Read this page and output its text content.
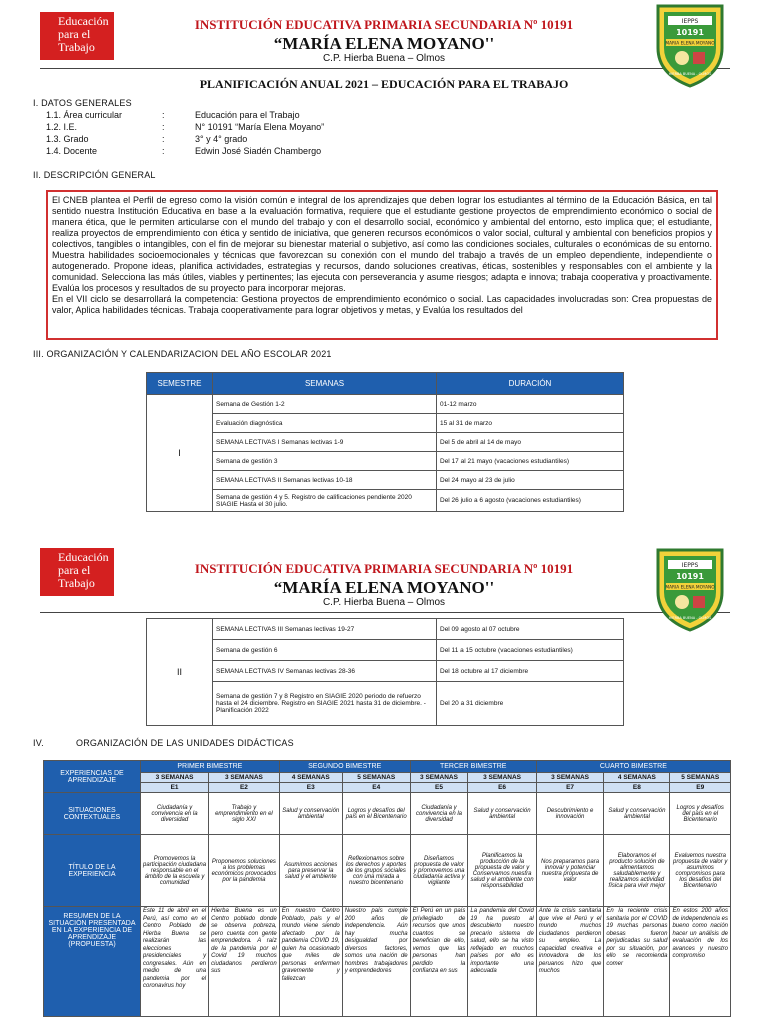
Educación
para el
Trabajo
INSTITUCIÓN EDUCATIVA PRIMARIA SECUNDARIA Nº 10191
“MARÍA ELENA MOYANO''
C.P. Hierba Buena – Olmos
IEPPS
10191
MARIA ELENA MOYANO
HIERBA BUENA - OLMOS
PLANIFICACIÓN ANUAL 2021 – EDUCACIÓN PARA EL TRABAJO
I. DATOS GENERALES
1.1. Área curricular	:	Educación para el Trabajo
1.2. I.E.	:	N° 10191 “María Elena Moyano”
1.3. Grado	:	3° y 4° grado
1.4. Docente	:	Edwin José Siadén Chambergo
II. DESCRIPCIÓN GENERAL

El CNEB plantea el Perfil de egreso como la visión común e integral de los aprendizajes que deben lograr los estudiantes al término de la Educación Básica, en tal sentido nuestra Institución Educativa en base a la evaluación formativa, requiere que el estudiante gestione proyectos de emprendimiento económico o social de manera ética, que le permiten articularse con el mundo del trabajo y con el desarrollo social, económico y ambiental del entorno, esto implica que; el estudiante, realiza proyectos de emprendimiento con ética y sentido de iniciativa, que generen recursos económicos o valor social, cultural y ambiental con beneficios propios y colectivos, tangibles o intangibles, con el fin de mejorar su bienestar material o subjetivo, así como las condiciones sociales, culturales o económicas de su entorno. Muestra habilidades socioemocionales y técnicas que favorezcan su conexión con el mundo del trabajo a través de un empleo dependiente, independiente o autogenerado. Propone ideas, planifica actividades, estrategias y recursos, dando soluciones creativas, éticas, sostenibles y responsables con el ambiente y la comunidad. Selecciona las más útiles, viables y pertinentes; las ejecuta con perseverancia y asume riesgos; adapta e innova; trabaja cooperativa y proactivamente. Evalúa los procesos y resultados de su proyecto para incorporar mejoras.

En el VII ciclo se desarrollará la competencia: Gestiona proyectos de emprendimiento económico o social. Las capacidades involucradas son: Crea propuestas de valor, Aplica habilidades técnicas. Trabaja cooperativamente para lograr objetivos y metas, y Evalúa los resultados del

III. ORGANIZACIÓN Y CALENDARIZACION DEL AÑO ESCOLAR 2021
SEMESTRE	SEMANAS	DURACIÓN
I	Semana de Gestión 1-2	01-12 marzo
	Evaluación diagnóstica	15 al 31 de marzo
	SEMANA LECTIVAS I Semanas lectivas 1-9	Del 5 de abril al 14 de mayo
	Semana de gestión 3	Del 17 al 21 mayo (vacaciones estudiantiles)
	SEMANA LECTIVAS II Semanas lectivas 10-18	Del 24 mayo al 23 de julio
	Semana de gestión 4 y 5. Registro de calificaciones pendiente 2020 SIAGIE Hasta el 30 julio.	Del 26 julio a 6 agosto (vacaciones estudiantiles)
Educación
para el
Trabajo
INSTITUCIÓN EDUCATIVA PRIMARIA SECUNDARIA Nº 10191
“MARÍA ELENA MOYANO''
C.P. Hierba Buena – Olmos
IEPPS
10191
MARIA ELENA MOYANO
HIERBA BUENA - OLMOS
II	SEMANA LECTIVAS III Semanas lectivas 19-27	Del 09 agosto al 07 octubre
	Semana de gestión 6	Del 11 a 15 octubre (vacaciones estudiantiles)
	SEMANA LECTIVAS IV Semanas lectivas 28-36	Del 18 octubre al 17 diciembre
	Semana de gestión 7 y 8 Registro en SIAGIE 2020 periodo de refuerzo hasta el 24 diciembre. Registro en SIAGIE 2021 hasta 31 de diciembre. -Planificación 2022	Del 20 a 31 diciembre
IV.	ORGANIZACIÓN DE LAS UNIDADES DIDÁCTICAS
EXPERIENCIAS DE APRENDIZAJE	PRIMER BIMESTRE		SEGUNDO BIMESTRE		TERCER BIMESTRE		CUARTO BIMESTRE		
	3 SEMANAS	3 SEMANAS	4 SEMANAS	5 SEMANAS	3 SEMANAS	3 SEMANAS	3 SEMANAS	4 SEMANAS	5 SEMANAS
	E1	E2	E3	E4	E5	E6	E7	E8	E9
SITUACIONES CONTEXTUALES	Ciudadanía y convivencia en la diversidad	Trabajo y emprendimiento en el siglo XXI	Salud y conservación ambiental	Logros y desafíos del país en el Bicentenario	Ciudadanía y convivencia en la diversidad	Salud y conservación ambiental	Descubrimiento e innovación	Salud y conservación ambiental	Logros y desafíos del país en el Bicentenario
TÍTULO DE LA EXPERIENCIA	Promovemos la participación ciudadana responsable en el ámbito de la escuela y comunidad	Proponemos soluciones a los problemas económicos provocados por la pandemia	Asumimos acciones para preservar la salud y el ambiente	Reflexionamos sobre los derechos y aportes de los grupos sociales con una mirada a nuestro bicentenario	Diseñamos propuesta de valor y promovemos una ciudadanía activa y vigilante	Planificamos la producción de la propuesta de valor y Conservamos nuestra salud y el ambiente con responsabilidad	Nos preparamos para innovar y potenciar nuestra propuesta de valor	Elaboramos el producto solución de alimentamos saludablemente y realizamos actividad física para vivir mejor	Evaluemos nuestra propuesta de valor y asumimos compromisos para los desafíos del Bicentenario
RESUMEN DE LA SITUACIÓN PRESENTADA EN LA EXPERIENCIA DE APRENDIZAJE (PROPUESTA)	Este 11 de abril en el Perú, así como en el Centro Poblado de Hierba Buena se realizarán las elecciones presidenciales y congresales. Aún en medio de una pandemia por el coronavirus hoy	Hierba Buena es un Centro poblado donde se observa pobreza, pero cuenta con gente emprendedora. A raíz de la pandemia por el Covid 19 muchos ciudadanos perdieron sus	En nuestro Centro Poblado, país y el mundo viene siendo afectado por la pandemia COVID 19, quien ha ocasionado que miles de personas enfermen gravemente y fallezcan	Nuestro país cumple 200 años de independencia. Aún hay mucha desigualdad por diversos factores, somos una nación de hombres trabajadores y emprendedores	El Perú en un país privilegiado de recursos que unos cuantos se benefician de ello, vemos que las personas han perdido la confianza en sus	La pandemia del Covid 19 ha puesto al descubierto nuestro precario sistema de salud, ello se ha visto reflejado en muchos países por ello es importante una adecuada	Ante la crisis sanitaria que vive el Perú y el mundo muchos ciudadanos perdieron su empleo. La capacidad creativa e innovadora de los peruanos hizo que muchos	En la reciente crisis sanitaria por el COVID 19 muchas personas obesas fueron perjudicadas su salud por su situación, por ello se recomienda comer	En estos 200 años de independencia es bueno como nación hacer un análisis de evaluación de los avances y nuestro compromiso
